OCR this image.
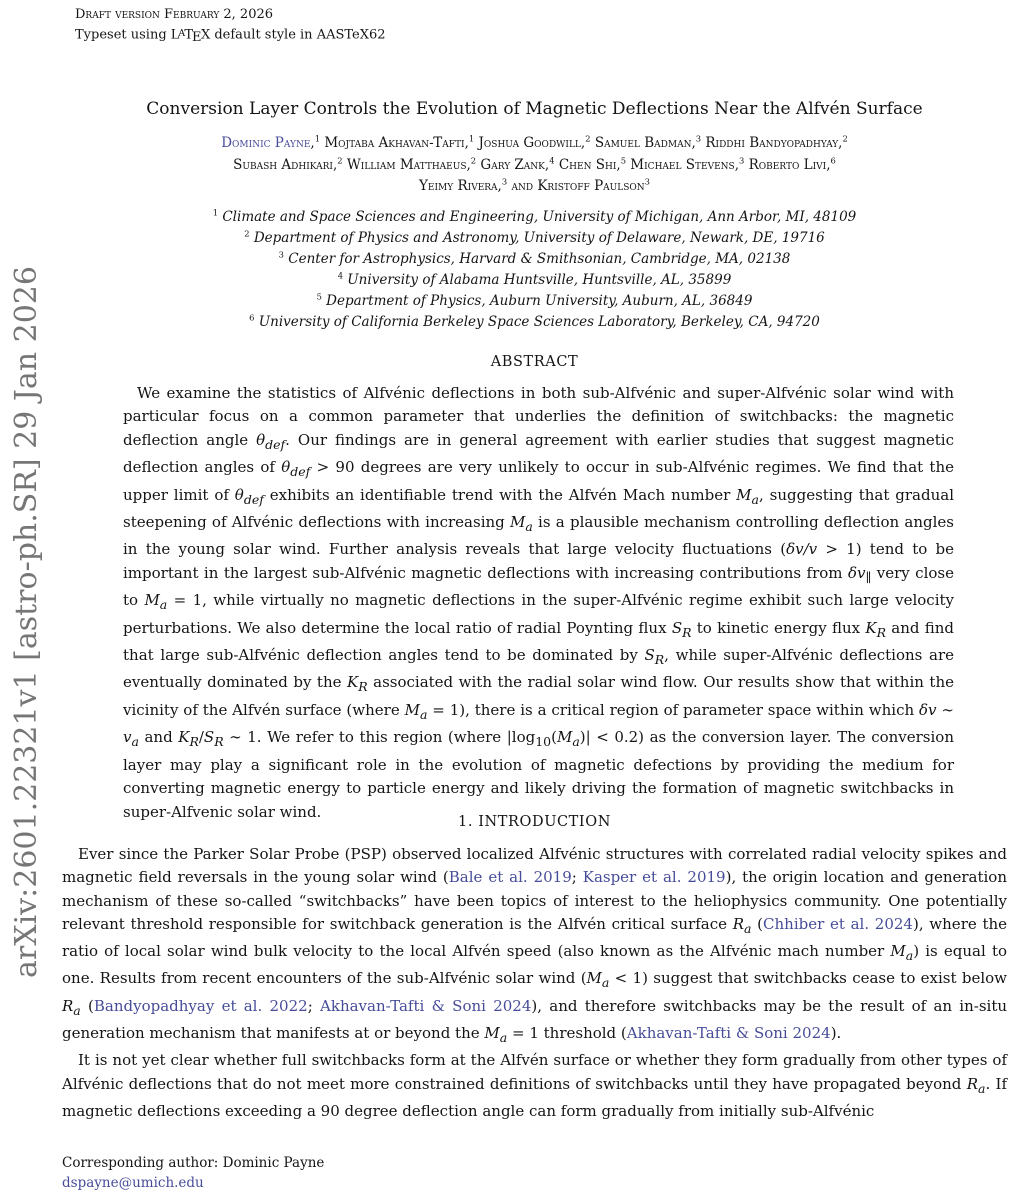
Draft version February 2, 2026
Typeset using $L^ATEX$ default style in AASTeX62
arXiv:2601.22321v1 [astro-ph.SR] 29 Jan 2026
Conversion Layer Controls the Evolution of Magnetic Deflections Near the Alfvén Surface
Dominic Payne,$^1$ Mojtaba Akhavan-Tafti,$^1$ Joshua Goodwill,$^2$ Samuel Badman,$^3$ Riddhi Bandyopadhyay,$^2$
Subash Adhikari,$^2$ William Matthaeus,$^2$ Gary Zank,$^4$ Chen Shi,$^5$ Michael Stevens,$^3$ Roberto Livi,$^6$
Yeimy Rivera,$^3$ and Kristoff Paulson$^3$
$^1$ Climate and Space Sciences and Engineering, University of Michigan, Ann Arbor, MI, 48109
$^2$ Department of Physics and Astronomy, University of Delaware, Newark, DE, 19716
$^3$ Center for Astrophysics, Harvard & Smithsonian, Cambridge, MA, 02138
$^4$ University of Alabama Huntsville, Huntsville, AL, 35899
$^5$ Department of Physics, Auburn University, Auburn, AL, 36849
$^6$ University of California Berkeley Space Sciences Laboratory, Berkeley, CA, 94720
ABSTRACT

We examine the statistics of Alfvénic deflections in both sub-Alfvénic and super-Alfvénic solar wind with particular focus on a common parameter that underlies the definition of switchbacks: the magnetic deflection angle $\theta_{def}$. Our findings are in general agreement with earlier studies that suggest magnetic deflection angles of $\theta_{def} > 90$ degrees are very unlikely to occur in sub-Alfvénic regimes. We find that the upper limit of $\theta_{def}$ exhibits an identifiable trend with the Alfvén Mach number $M_a$, suggesting that gradual steepening of Alfvénic deflections with increasing $M_a$ is a plausible mechanism controlling deflection angles in the young solar wind. Further analysis reveals that large velocity fluctuations (δv/v > 1) tend to be important in the largest sub-Alfvénic magnetic deflections with increasing contributions from $\delta v_\parallel$ very close to $M_a = 1$, while virtually no magnetic deflections in the super-Alfvénic regime exhibit such large velocity perturbations. We also determine the local ratio of radial Poynting flux $S_R$ to kinetic energy flux $K_R$ and find that large sub-Alfvénic deflection angles tend to be dominated by $S_R$, while super-Alfvénic deflections are eventually dominated by the $K_R$ associated with the radial solar wind flow. Our results show that within the vicinity of the Alfvén surface (where $M_a = 1$), there is a critical region of parameter space within which δv ∼ $v_a$ and $K_R/S_R$ ∼ 1. We refer to this region (where $|\log_{10}(M_a)| < 0.2$) as the conversion layer. The conversion layer may play a significant role in the evolution of magnetic defections by providing the medium for converting magnetic energy to particle energy and likely driving the formation of magnetic switchbacks in super-Alfvenic solar wind.

1. INTRODUCTION

Ever since the Parker Solar Probe (PSP) observed localized Alfvénic structures with correlated radial velocity spikes and magnetic field reversals in the young solar wind (Bale et al. 2019; Kasper et al. 2019), the origin location and generation mechanism of these so-called “switchbacks” have been topics of interest to the heliophysics community. One potentially relevant threshold responsible for switchback generation is the Alfvén critical surface $R_a$ (Chhiber et al. 2024), where the ratio of local solar wind bulk velocity to the local Alfvén speed (also known as the Alfvénic mach number $M_a$) is equal to one. Results from recent encounters of the sub-Alfvénic solar wind $(M_a < 1)$ suggest that switchbacks cease to exist below $R_a$ (Bandyopadhyay et al. 2022; Akhavan-Tafti & Soni 2024), and therefore switchbacks may be the result of an in-situ generation mechanism that manifests at or beyond the $M_a = 1$ threshold (Akhavan-Tafti & Soni 2024).

It is not yet clear whether full switchbacks form at the Alfvén surface or whether they form gradually from other types of Alfvénic deflections that do not meet more constrained definitions of switchbacks until they have propagated beyond $R_a$. If magnetic deflections exceeding a 90 degree deflection angle can form gradually from initially sub-Alfvénic

Corresponding author: Dominic Payne
dspayne@umich.edu
